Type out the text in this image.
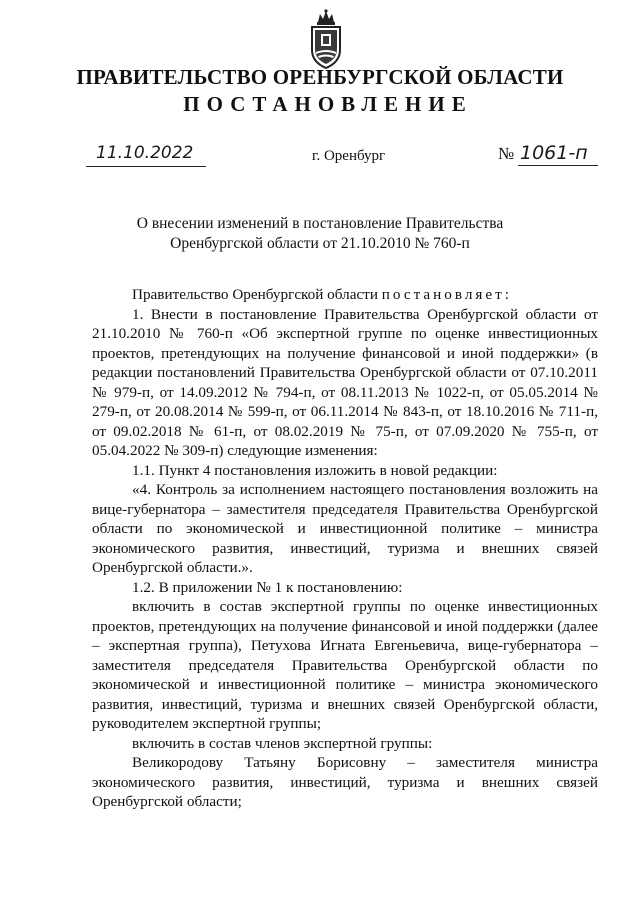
ПРАВИТЕЛЬСТВО ОРЕНБУРГСКОЙ ОБЛАСТИ
ПОСТАНОВЛЕНИЕ
11.10.2022	г. Оренбург	№ 1061-п
О внесении изменений в постановление Правительства
Оренбургской области от 21.10.2010 № 760-п

Правительство Оренбургской области постановляет:

1. Внести в постановление Правительства Оренбургской области от 21.10.2010 № 760-п «Об экспертной группе по оценке инвестиционных проектов, претендующих на получение финансовой и иной поддержки» (в редакции постановлений Правительства Оренбургской области от 07.10.2011 № 979-п, от 14.09.2012 № 794-п, от 08.11.2013 № 1022-п, от 05.05.2014 № 279-п, от 20.08.2014 № 599-п, от 06.11.2014 № 843-п, от 18.10.2016 № 711-п, от 09.02.2018 № 61-п, от 08.02.2019 № 75-п, от 07.09.2020 № 755-п, от 05.04.2022 № 309-п) следующие изменения:

1.1. Пункт 4 постановления изложить в новой редакции:

«4. Контроль за исполнением настоящего постановления возложить на вице-губернатора – заместителя председателя Правительства Оренбургской области по экономической и инвестиционной политике – министра экономического развития, инвестиций, туризма и внешних связей Оренбургской области.».

1.2. В приложении № 1 к постановлению:

включить в состав экспертной группы по оценке инвестиционных проектов, претендующих на получение финансовой и иной поддержки (далее – экспертная группа), Петухова Игната Евгеньевича, вице-губернатора – заместителя председателя Правительства Оренбургской области по экономической и инвестиционной политике – министра экономического развития, инвестиций, туризма и внешних связей Оренбургской области, руководителем экспертной группы;

включить в состав членов экспертной группы:

Великородову Татьяну Борисовну – заместителя министра экономического развития, инвестиций, туризма и внешних связей Оренбургской области;
